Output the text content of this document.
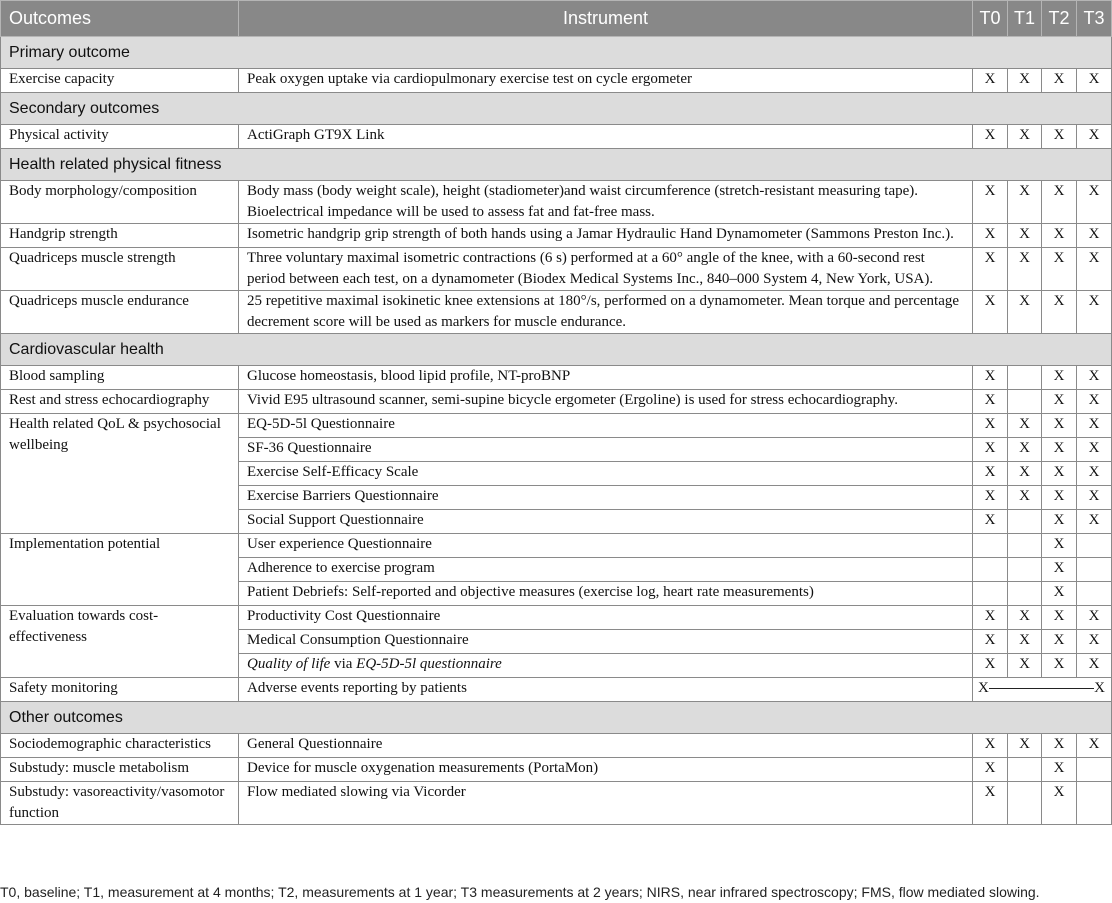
Outcomes	Instrument	T0	T1	T2	T3
Primary outcome					
Exercise capacity	Peak oxygen uptake via cardiopulmonary exercise test on cycle ergometer	X	X	X	X
Secondary outcomes					
Physical activity	ActiGraph GT9X Link	X	X	X	X
Health related physical fitness					
Body morphology/composition	Body mass (body weight scale), height (stadiometer)and waist circumference (stretch-resistant measuring tape). Bioelectrical impedance will be used to assess fat and fat-free mass.	X	X	X	X
Handgrip strength	Isometric handgrip grip strength of both hands using a Jamar Hydraulic Hand Dynamometer (Sammons Preston Inc.).	X	X	X	X
Quadriceps muscle strength	Three voluntary maximal isometric contractions (6 s) performed at a 60° angle of the knee, with a 60-second rest period between each test, on a dynamometer (Biodex Medical Systems Inc., 840–000 System 4, New York, USA).	X	X	X	X
Quadriceps muscle endurance	25 repetitive maximal isokinetic knee extensions at 180°/s, performed on a dynamometer. Mean torque and percentage decrement score will be used as markers for muscle endurance.	X	X	X	X
Cardiovascular health					
Blood sampling	Glucose homeostasis, blood lipid profile, NT-proBNP	X		X	X
Rest and stress echocardiography	Vivid E95 ultrasound scanner, semi-supine bicycle ergometer (Ergoline) is used for stress echocardiography.	X		X	X
Health related QoL & psychosocial wellbeing	EQ-5D-5l Questionnaire	X	X	X	X
	SF-36 Questionnaire	X	X	X	X
	Exercise Self-Efficacy Scale	X	X	X	X
	Exercise Barriers Questionnaire	X	X	X	X
	Social Support Questionnaire	X		X	X
Implementation potential	User experience Questionnaire			X	
	Adherence to exercise program			X	
	Patient Debriefs: Self-reported and objective measures (exercise log, heart rate measurements)			X	
Evaluation towards cost-effectiveness	Productivity Cost Questionnaire	X	X	X	X
	Medical Consumption Questionnaire	X	X	X	X
	Quality of life via EQ-5D-5l questionnaire	X	X	X	X
Safety monitoring	Adverse events reporting by patients	X X			

Other outcomes					
Sociodemographic characteristics	General Questionnaire	X	X	X	X
Substudy: muscle metabolism	Device for muscle oxygenation measurements (PortaMon)	X		X	
Substudy: vasoreactivity/vasomotor function	Flow mediated slowing via Vicorder	X		X	
T0, baseline; T1, measurement at 4 months; T2, measurements at 1 year; T3 measurements at 2 years; NIRS, near infrared spectroscopy; FMS, flow mediated slowing.
